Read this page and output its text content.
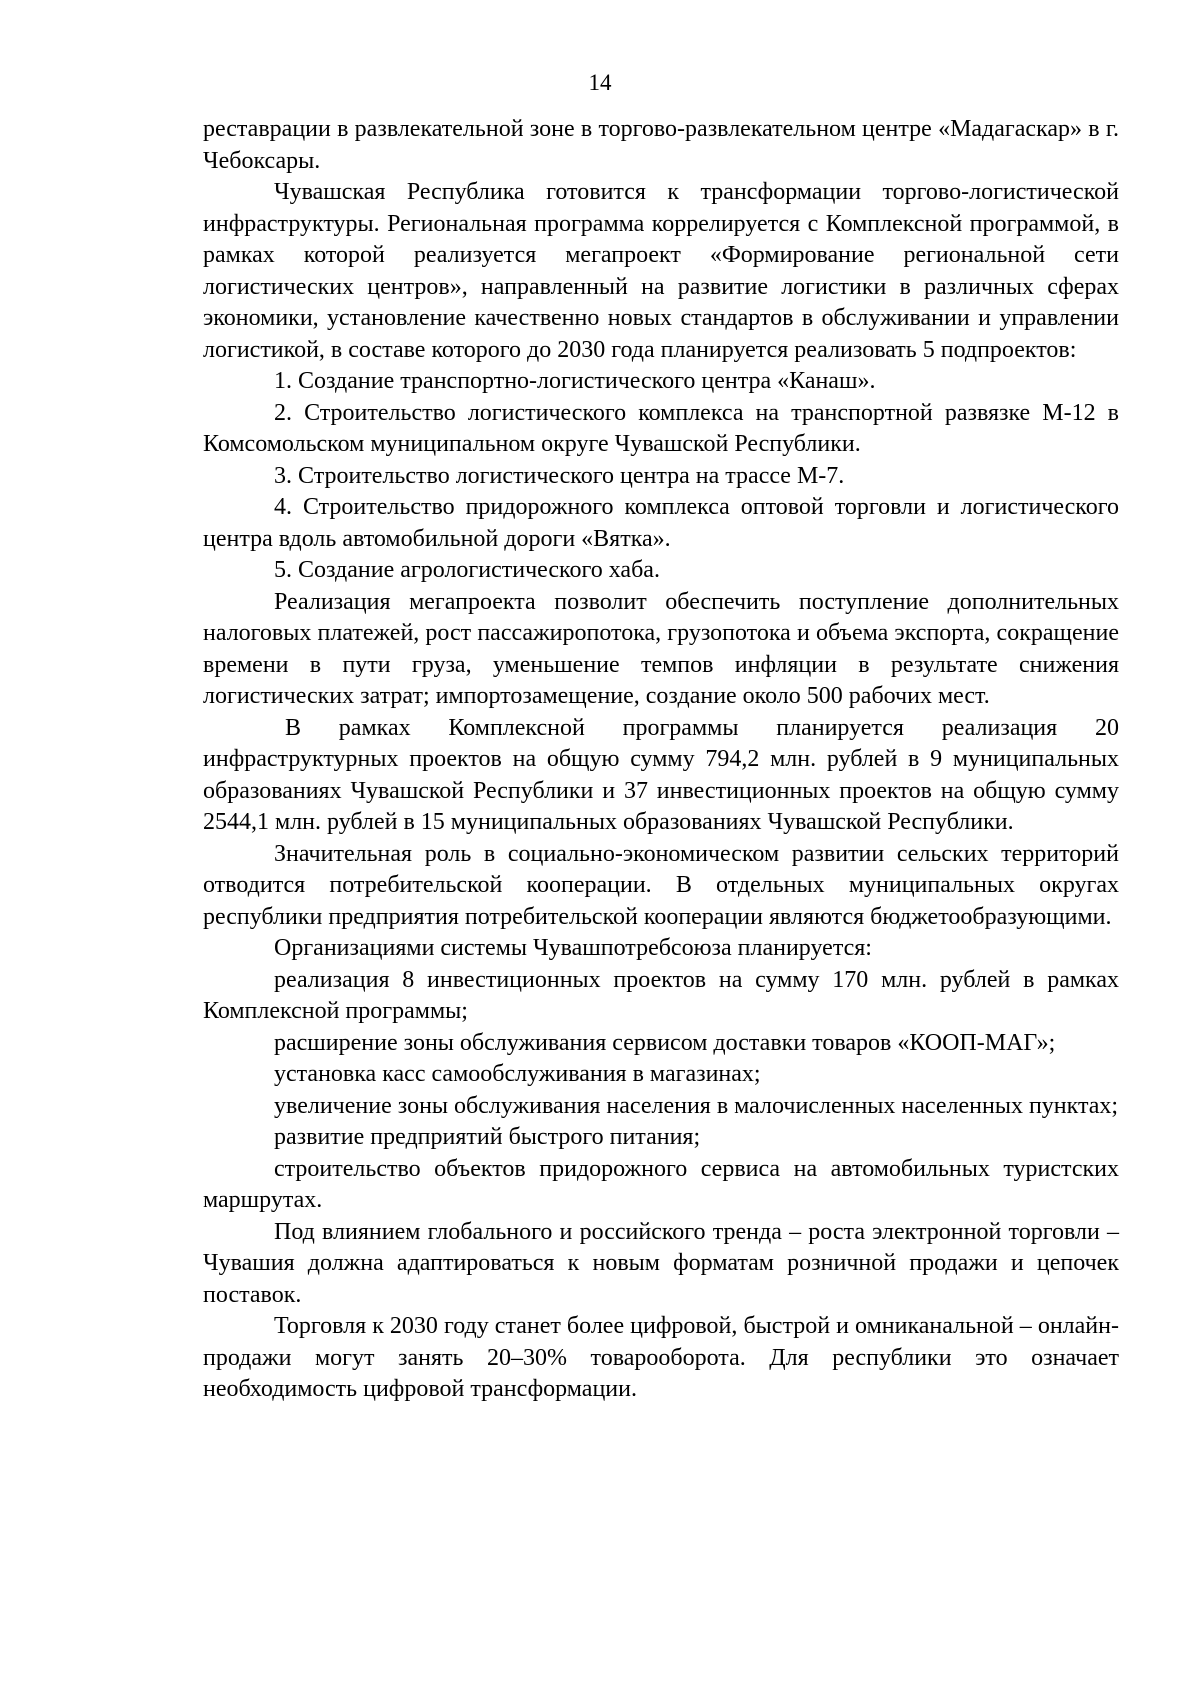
14

реставрации в развлекательной зоне в торгово-развлекательном центре «Мадагаскар» в г. Чебоксары.

Чувашская Республика готовится к трансформации торгово-логистической инфраструктуры. Региональная программа коррелируется с Комплексной программой, в рамках которой реализуется мегапроект «Формирование региональной сети логистических центров», направленный на развитие логистики в различных сферах экономики, установление качественно новых стандартов в обслуживании и управлении логистикой, в составе которого до 2030 года планируется реализовать 5 подпроектов:

1. Создание транспортно-логистического центра «Канаш».

2. Строительство логистического комплекса на транспортной развязке М-12 в Комсомольском муниципальном округе Чувашской Республики.

3. Строительство логистического центра на трассе М-7.

4. Строительство придорожного комплекса оптовой торговли и логистического центра вдоль автомобильной дороги «Вятка».

5. Создание агрологистического хаба.

Реализация мегапроекта позволит обеспечить поступление дополнительных налоговых платежей, рост пассажиропотока, грузопотока и объема экспорта, сокращение времени в пути груза, уменьшение темпов инфляции в результате снижения логистических затрат; импортозамещение, создание около 500 рабочих мест.

В рамках Комплексной программы планируется реализация 20 инфраструктурных проектов на общую сумму 794,2 млн. рублей в 9 муниципальных образованиях Чувашской Республики и 37 инвестиционных проектов на общую сумму 2544,1 млн. рублей в 15 муниципальных образованиях Чувашской Республики.

Значительная роль в социально-экономическом развитии сельских территорий отводится потребительской кооперации. В отдельных муниципальных округах республики предприятия потребительской кооперации являются бюджетообразующими.

Организациями системы Чувашпотребсоюза планируется:

реализация 8 инвестиционных проектов на сумму 170 млн. рублей в рамках Комплексной программы;

расширение зоны обслуживания сервисом доставки товаров «КООП-МАГ»;

установка касс самообслуживания в магазинах;

увеличение зоны обслуживания населения в малочисленных населенных пунктах;

развитие предприятий быстрого питания;

строительство объектов придорожного сервиса на автомобильных туристских маршрутах.

Под влиянием глобального и российского тренда – роста электронной торговли – Чувашия должна адаптироваться к новым форматам розничной продажи и цепочек поставок.

Торговля к 2030 году станет более цифровой, быстрой и омниканальной – онлайн-продажи могут занять 20–30% товарооборота. Для республики это означает необходимость цифровой трансформации.
